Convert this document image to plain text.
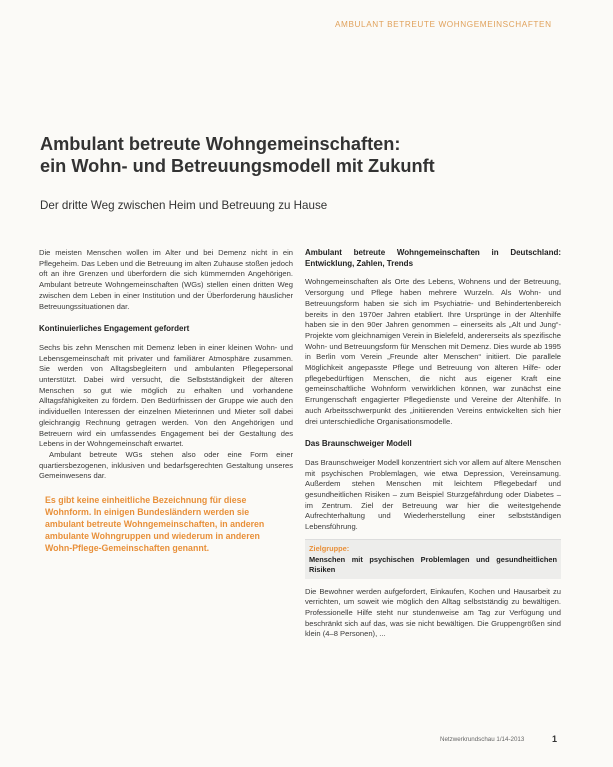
AMBULANT BETREUTE WOHNGEMEINSCHAFTEN
Ambulant betreute Wohngemeinschaften:
ein Wohn- und Betreuungsmodell mit Zukunft
Der dritte Weg zwischen Heim und Betreuung zu Hause

Die meisten Menschen wollen im Alter und bei Demenz nicht in ein Pflegeheim. Das Leben und die Betreuung im alten Zuhause stoßen jedoch oft an ihre Grenzen und überfordern die sich kümmernden Angehörigen. Ambulant betreute Wohngemeinschaften (WGs) stellen einen dritten Weg zwischen dem Leben in einer Institution und der Überforderung häuslicher Betreuungssituationen dar.

Kontinuierliches Engagement gefordert

Sechs bis zehn Menschen mit Demenz leben in einer kleinen Wohn- und Lebensgemeinschaft mit privater und familiärer Atmosphäre zusammen. Sie werden von Alltagsbegleitern und ambulanten Pflegepersonal unterstützt. Dabei wird versucht, die Selbstständigkeit der älteren Menschen so gut wie möglich zu erhalten und vorhandene Alltagsfähigkeiten zu fördern. Den Bedürfnissen der Gruppe wie auch den individuellen Interessen der einzelnen Mieterinnen und Mieter soll dabei gleichrangig Rechnung getragen werden. Von den Angehörigen und Betreuern wird ein umfassendes Engagement bei der Gestaltung des Lebens in der Wohngemeinschaft erwartet.

Ambulant betreute WGs stehen also oder eine Form einer quartiersbezogenen, inklusiven und bedarfsgerechten Gestaltung unseres Gemeinwesens dar.

Es gibt keine einheitliche Bezeichnung für diese Wohnform. In einigen Bundesländern werden sie ambulant betreute Wohngemeinschaften, in anderen ambulante Wohngruppen und wiederum in anderen Wohn-Pflege-Gemeinschaften genannt.
Ambulant betreute Wohngemeinschaften in Deutschland: Entwicklung, Zahlen, Trends

Wohngemeinschaften als Orte des Lebens, Wohnens und der Betreuung, Versorgung und Pflege haben mehrere Wurzeln. Als Wohn- und Betreuungsform haben sie sich im Psychiatrie- und Behindertenbereich bereits in den 1970er Jahren etabliert. Ihre Ursprünge in der Altenhilfe haben sie in den 90er Jahren genommen – einerseits als „Alt und Jung“-Projekte vom gleichnamigen Verein in Bielefeld, andererseits als spezifische Wohn- und Betreuungsform für Menschen mit Demenz. Dies wurde ab 1995 in Berlin vom Verein „Freunde alter Menschen“ initiiert. Die parallele Möglichkeit angepasste Pflege und Betreuung von älteren Hilfe- oder pflegebedürftigen Menschen, die nicht aus eigener Kraft eine gemeinschaftliche Wohnform verwirklichen können, war zunächst eine Errungenschaft engagierter Pflegedienste und Vereine der Altenhilfe. In auch Arbeitsschwerpunkt des „initiierenden Vereins entwickelten sich hier drei unterschiedliche Organisationsmodelle.

Das Braunschweiger Modell

Das Braunschweiger Modell konzentriert sich vor allem auf ältere Menschen mit psychischen Problemlagen, wie etwa Depression, Vereinsamung. Außerdem stehen Menschen mit leichtem Pflegebedarf und gesundheitlichen Risiken – zum Beispiel Sturzgefährdung oder Diabetes – im Zentrum. Ziel der Betreuung war hier die weitestgehende Aufrechterhaltung und Wiederherstellung einer selbstständigen Lebensführung.

Zielgruppe:
Menschen mit psychischen Problemlagen und gesundheitlichen Risiken

Die Bewohner werden aufgefordert, Einkaufen, Kochen und Hausarbeit zu verrichten, um soweit wie möglich den Alltag selbstständig zu bewältigen. Professionelle Hilfe steht nur stundenweise am Tag zur Verfügung und beschränkt sich auf das, was sie nicht bewältigen. Die Gruppengrößen sind klein (4–8 Personen), ...

Netzwerkrundschau 1/14-2013	1
